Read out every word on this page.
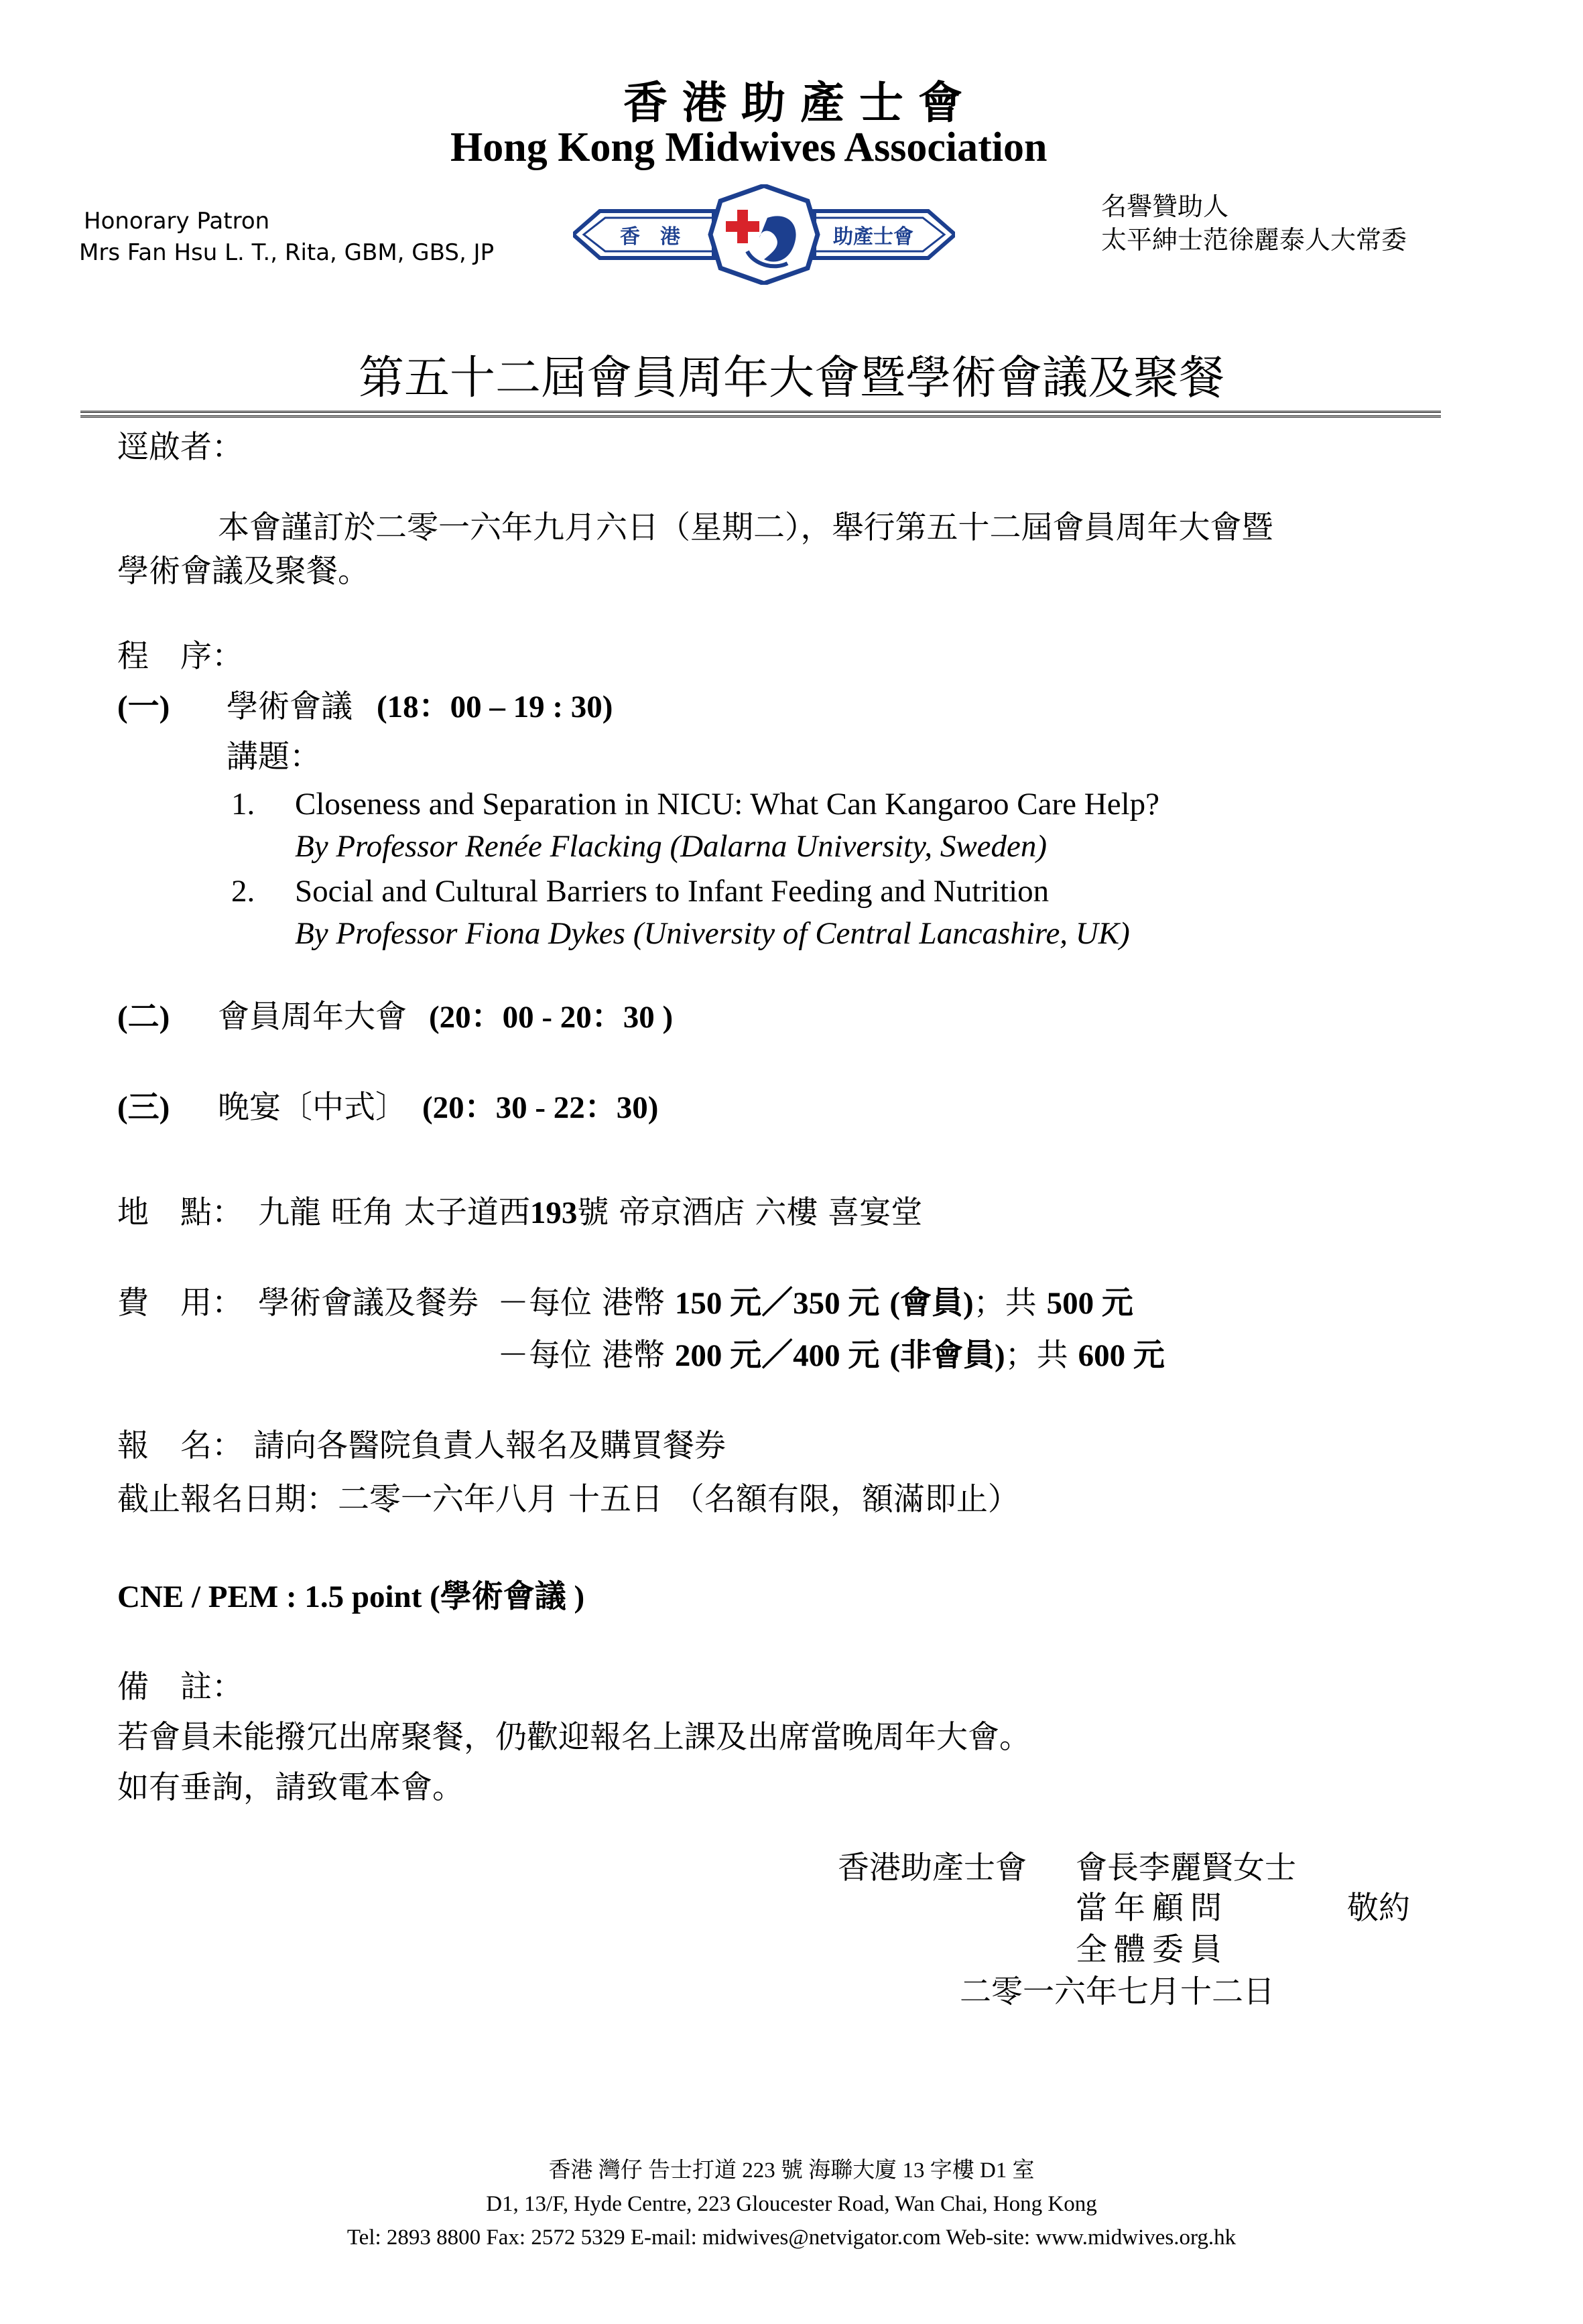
香港助產士會
Hong Kong Midwives Association
Honorary Patron
Mrs Fan Hsu L. T., Rita, GBM, GBS, JP
名譽贊助人
太平紳士范徐麗泰人大常委
香　港	助產士會
第五十二屆會員周年大會暨學術會議及聚餐
逕啟者：
本會謹訂於二零一六年九月六日（星期二），舉行第五十二屆會員周年大會暨
學術會議及聚餐。
程　序：
(一) 學術會議 (18：00 – 19 : 30)
講題：
1. Closeness and Separation in NICU: What Can Kangaroo Care Help?
By Professor Renée Flacking (Dalarna University, Sweden)
2. Social and Cultural Barriers to Infant Feeding and Nutrition
By Professor Fiona Dykes (University of Central Lancashire, UK)
(二) 會員周年大會 (20：00 - 20：30 )
(三) 晚宴〔中式〕 (20：30 - 22：30)
地　點： 九龍 旺角 太子道西193號 帝京酒店 六樓 喜宴堂
費　用： 學術會議及餐券 －每位 港幣 150 元／350 元 (會員)；共 500 元
－每位 港幣 200 元／400 元 (非會員)；共 600 元
報　名： 請向各醫院負責人報名及購買餐券
截止報名日期：二零一六年八月 十五日 （名額有限，額滿即止）
CNE / PEM : 1.5 point (學術會議 )
備　註：
若會員未能撥冗出席聚餐，仍歡迎報名上課及出席當晚周年大會。
如有垂詢，請致電本會。
香港助產士會 會長李麗賢女士
當年顧問	敬約
全體委員
二零一六年七月十二日
香港 灣仔 告士打道 223 號 海聯大廈 13 字樓 D1 室
D1, 13/F, Hyde Centre, 223 Gloucester Road, Wan Chai, Hong Kong
Tel: 2893 8800 Fax: 2572 5329 E-mail: midwives@netvigator.com Web-site: www.midwives.org.hk
